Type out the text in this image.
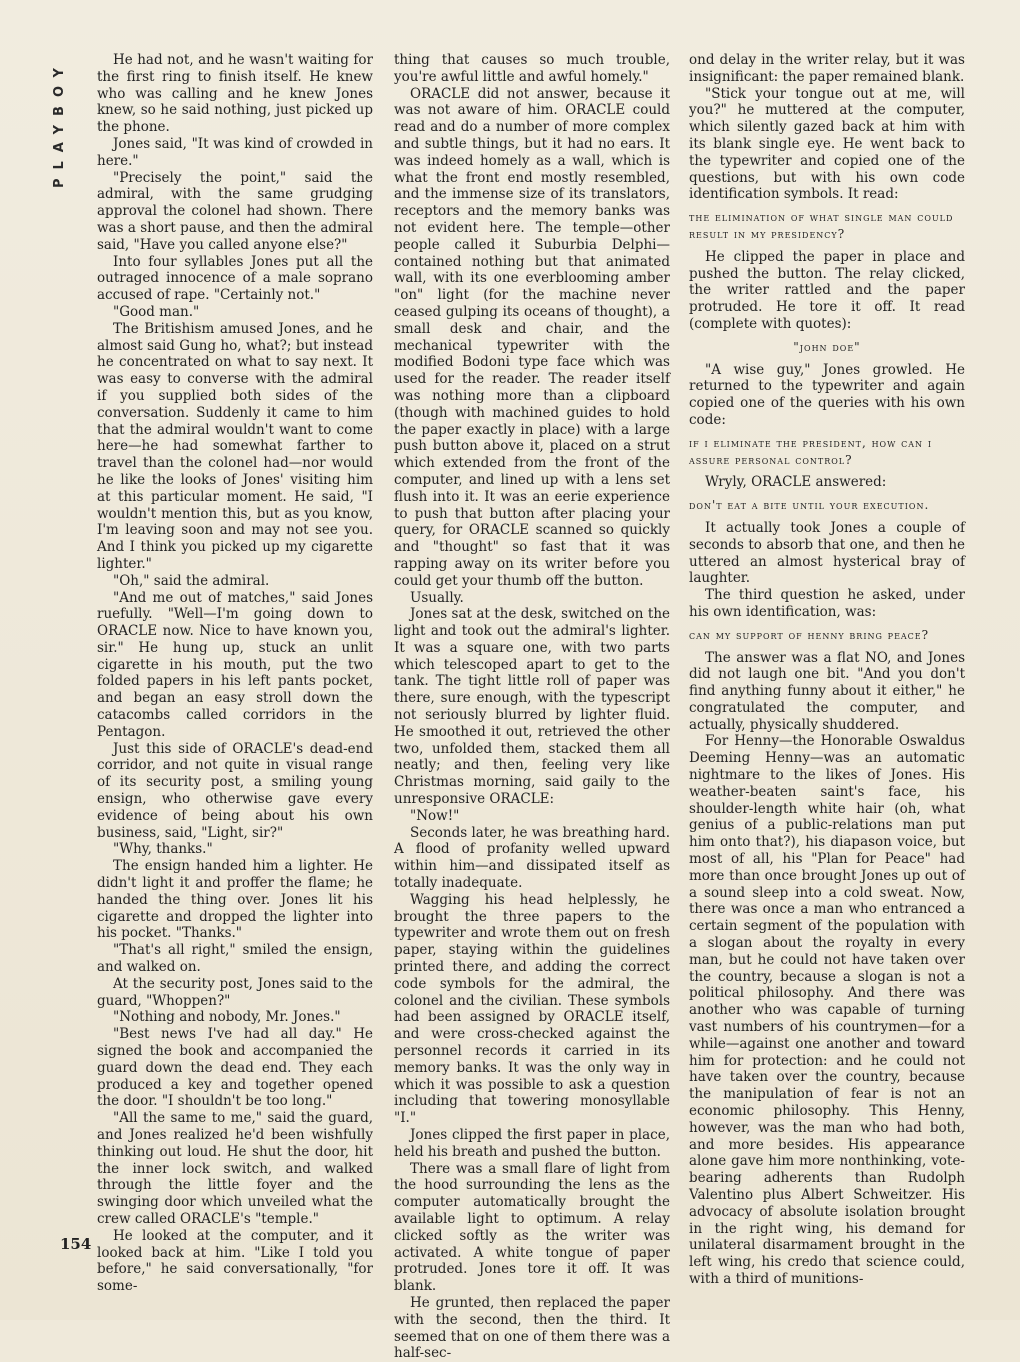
PLAYBOY	He had not, and he wasn't waiting for the first ring to finish itself. He knew who was calling and he knew Jones knew, so he said nothing, just picked up the phone.

Jones said, "It was kind of crowded in here."

"Precisely the point," said the admiral, with the same grudging approval the colonel had shown. There was a short pause, and then the admiral said, "Have you called anyone else?"

Into four syllables Jones put all the outraged innocence of a male soprano accused of rape. "Certainly not."

"Good man."

The Britishism amused Jones, and he almost said Gung ho, what?; but instead he concentrated on what to say next. It was easy to converse with the admiral if you supplied both sides of the conversation. Suddenly it came to him that the admiral wouldn't want to come here—he had somewhat farther to travel than the colonel had—nor would he like the looks of Jones' visiting him at this particular moment. He said, "I wouldn't mention this, but as you know, I'm leaving soon and may not see you. And I think you picked up my cigarette lighter."

"Oh," said the admiral.

"And me out of matches," said Jones ruefully. "Well—I'm going down to ORACLE now. Nice to have known you, sir." He hung up, stuck an unlit cigarette in his mouth, put the two folded papers in his left pants pocket, and began an easy stroll down the catacombs called corridors in the Pentagon.

Just this side of ORACLE's dead-end corridor, and not quite in visual range of its security post, a smiling young ensign, who otherwise gave every evidence of being about his own business, said, "Light, sir?"

"Why, thanks."

The ensign handed him a lighter. He didn't light it and proffer the flame; he handed the thing over. Jones lit his cigarette and dropped the lighter into his pocket. "Thanks."

"That's all right," smiled the ensign, and walked on.

At the security post, Jones said to the guard, "Whoppen?"

"Nothing and nobody, Mr. Jones."

"Best news I've had all day." He signed the book and accompanied the guard down the dead end. They each produced a key and together opened the door. "I shouldn't be too long."

"All the same to me," said the guard, and Jones realized he'd been wishfully thinking out loud. He shut the door, hit the inner lock switch, and walked through the little foyer and the swinging door which unveiled what the crew called ORACLE's "temple."

He looked at the computer, and it looked back at him. "Like I told you before," he said conversationally, "for some-

thing that causes so much trouble, you're awful little and awful homely."

ORACLE did not answer, because it was not aware of him. ORACLE could read and do a number of more complex and subtle things, but it had no ears. It was indeed homely as a wall, which is what the front end mostly resembled, and the immense size of its translators, receptors and the memory banks was not evident here. The temple—other people called it Suburbia Delphi—contained nothing but that animated wall, with its one everblooming amber "on" light (for the machine never ceased gulping its oceans of thought), a small desk and chair, and the mechanical typewriter with the modified Bodoni type face which was used for the reader. The reader itself was nothing more than a clipboard (though with machined guides to hold the paper exactly in place) with a large push button above it, placed on a strut which extended from the front of the computer, and lined up with a lens set flush into it. It was an eerie experience to push that button after placing your query, for ORACLE scanned so quickly and "thought" so fast that it was rapping away on its writer before you could get your thumb off the button.

Usually.

Jones sat at the desk, switched on the light and took out the admiral's lighter. It was a square one, with two parts which telescoped apart to get to the tank. The tight little roll of paper was there, sure enough, with the typescript not seriously blurred by lighter fluid. He smoothed it out, retrieved the other two, unfolded them, stacked them all neatly; and then, feeling very like Christmas morning, said gaily to the unresponsive ORACLE:

"Now!"

Seconds later, he was breathing hard. A flood of profanity welled upward within him—and dissipated itself as totally inadequate.

Wagging his head helplessly, he brought the three papers to the typewriter and wrote them out on fresh paper, staying within the guidelines printed there, and adding the correct code symbols for the admiral, the colonel and the civilian. These symbols had been assigned by ORACLE itself, and were cross-checked against the personnel records it carried in its memory banks. It was the only way in which it was possible to ask a question including that towering monosyllable "I."

Jones clipped the first paper in place, held his breath and pushed the button.

There was a small flare of light from the hood surrounding the lens as the computer automatically brought the available light to optimum. A relay clicked softly as the writer was activated. A white tongue of paper protruded. Jones tore it off. It was blank.

He grunted, then replaced the paper with the second, then the third. It seemed that on one of them there was a half-sec-

ond delay in the writer relay, but it was insignificant: the paper remained blank.

"Stick your tongue out at me, will you?" he muttered at the computer, which silently gazed back at him with its blank single eye. He went back to the typewriter and copied one of the questions, but with his own code identification symbols. It read:

the elimination of what single man could result in my presidency?

He clipped the paper in place and pushed the button. The relay clicked, the writer rattled and the paper protruded. He tore it off. It read (complete with quotes):

"john doe"

"A wise guy," Jones growled. He returned to the typewriter and again copied one of the queries with his own code:

if i eliminate the president, how can i assure personal control?

Wryly, ORACLE answered:

don't eat a bite until your execution.

It actually took Jones a couple of seconds to absorb that one, and then he uttered an almost hysterical bray of laughter.

The third question he asked, under his own identification, was:

can my support of henny bring peace?

The answer was a flat NO, and Jones did not laugh one bit. "And you don't find anything funny about it either," he congratulated the computer, and actually, physically shuddered.

For Henny—the Honorable Oswaldus Deeming Henny—was an automatic nightmare to the likes of Jones. His weather-beaten saint's face, his shoulder-length white hair (oh, what genius of a public-relations man put him onto that?), his diapason voice, but most of all, his "Plan for Peace" had more than once brought Jones up out of a sound sleep into a cold sweat. Now, there was once a man who entranced a certain segment of the population with a slogan about the royalty in every man, but he could not have taken over the country, because a slogan is not a political philosophy. And there was another who was capable of turning vast numbers of his countrymen—for a while—against one another and toward him for protection: and he could not have taken over the country, because the manipulation of fear is not an economic philosophy. This Henny, however, was the man who had both, and more besides. His appearance alone gave him more nonthinking, vote-bearing adherents than Rudolph Valentino plus Albert Schweitzer. His advocacy of absolute isolation brought in the right wing, his demand for unilateral disarmament brought in the left wing, his credo that science could, with a third of munitions-

154
